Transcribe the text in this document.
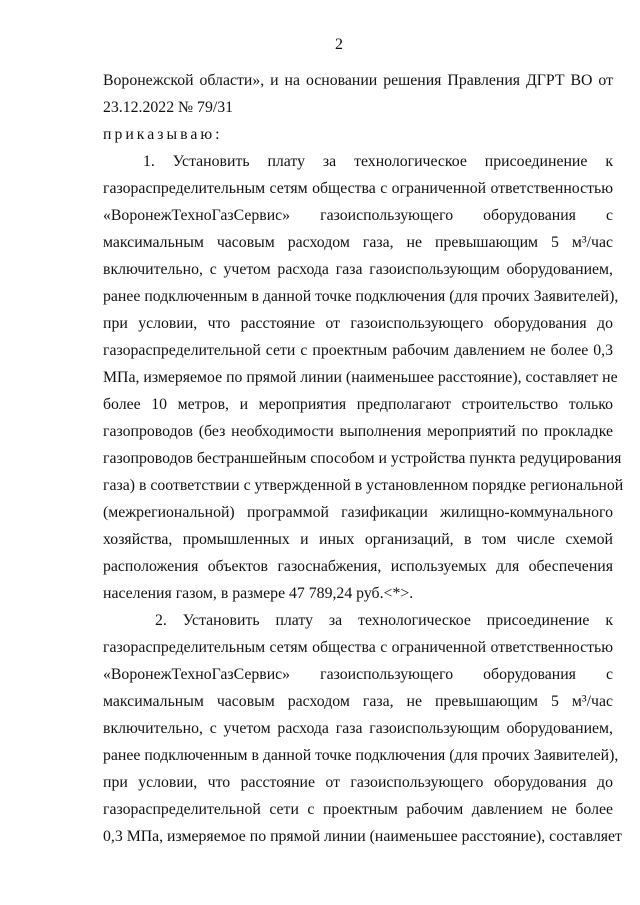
2
Воронежской области», и на основании решения Правления ДГРТ ВО от
23.12.2022 № 79/31
приказываю:
1. Установить плату за технологическое присоединение к
газораспределительным сетям общества с ограниченной ответственностью
«ВоронежТехноГазСервис» газоиспользующего оборудования с
максимальным часовым расходом газа, не превышающим 5 м³/час
включительно, с учетом расхода газа газоиспользующим оборудованием,
ранее подключенным в данной точке подключения (для прочих Заявителей),
при условии, что расстояние от газоиспользующего оборудования до
газораспределительной сети с проектным рабочим давлением не более 0,3
МПа, измеряемое по прямой линии (наименьшее расстояние), составляет не
более 10 метров, и мероприятия предполагают строительство только
газопроводов (без необходимости выполнения мероприятий по прокладке
газопроводов бестраншейным способом и устройства пункта редуцирования
газа) в соответствии с утвержденной в установленном порядке региональной
(межрегиональной) программой газификации жилищно-коммунального
хозяйства, промышленных и иных организаций, в том числе схемой
расположения объектов газоснабжения, используемых для обеспечения
населения газом, в размере 47 789,24 руб.<*>.
2. Установить плату за технологическое присоединение к
газораспределительным сетям общества с ограниченной ответственностью
«ВоронежТехноГазСервис» газоиспользующего оборудования с
максимальным часовым расходом газа, не превышающим 5 м³/час
включительно, с учетом расхода газа газоиспользующим оборудованием,
ранее подключенным в данной точке подключения (для прочих Заявителей),
при условии, что расстояние от газоиспользующего оборудования до
газораспределительной сети с проектным рабочим давлением не более
0,3 МПа, измеряемое по прямой линии (наименьшее расстояние), составляет
